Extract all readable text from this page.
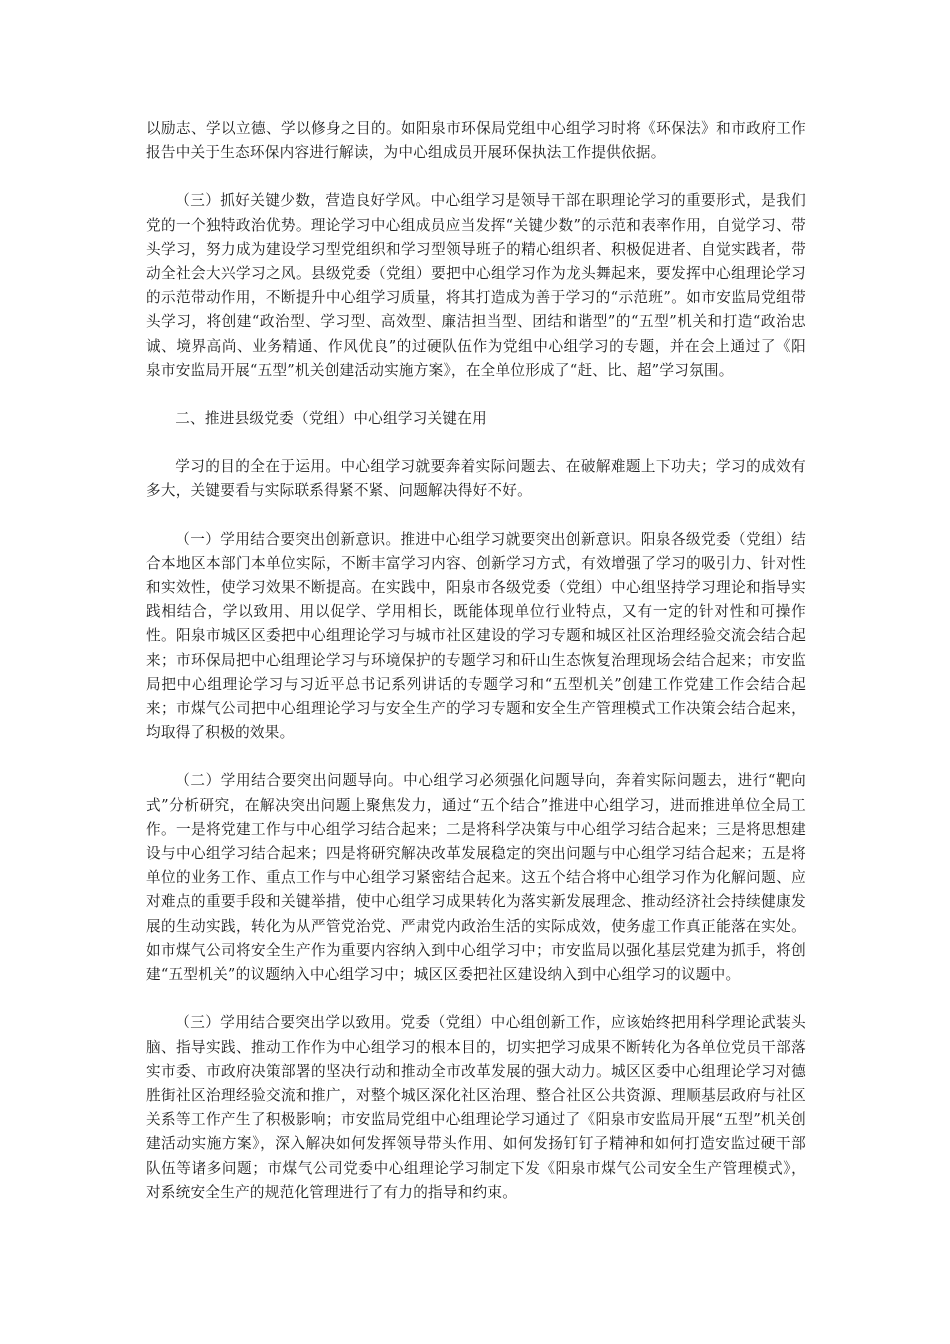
以励志、学以立德、学以修身之目的。如阳泉市环保局党组中心组学习时将《环保法》和市政府工作报告中关于生态环保内容进行解读，为中心组成员开展环保执法工作提供依据。

（三）抓好关键少数，营造良好学风。中心组学习是领导干部在职理论学习的重要形式，是我们党的一个独特政治优势。理论学习中心组成员应当发挥“关键少数”的示范和表率作用，自觉学习、带头学习，努力成为建设学习型党组织和学习型领导班子的精心组织者、积极促进者、自觉实践者，带动全社会大兴学习之风。县级党委（党组）要把中心组学习作为龙头舞起来，要发挥中心组理论学习的示范带动作用，不断提升中心组学习质量，将其打造成为善于学习的“示范班”。如市安监局党组带头学习，将创建“政治型、学习型、高效型、廉洁担当型、团结和谐型”的“五型”机关和打造“政治忠诚、境界高尚、业务精通、作风优良”的过硬队伍作为党组中心组学习的专题，并在会上通过了《阳泉市安监局开展“五型”机关创建活动实施方案》，在全单位形成了“赶、比、超”学习氛围。

二、推进县级党委（党组）中心组学习关键在用

学习的目的全在于运用。中心组学习就要奔着实际问题去、在破解难题上下功夫；学习的成效有多大，关键要看与实际联系得紧不紧、问题解决得好不好。

（一）学用结合要突出创新意识。推进中心组学习就要突出创新意识。阳泉各级党委（党组）结合本地区本部门本单位实际，不断丰富学习内容、创新学习方式，有效增强了学习的吸引力、针对性和实效性，使学习效果不断提高。在实践中，阳泉市各级党委（党组）中心组坚持学习理论和指导实践相结合，学以致用、用以促学、学用相长，既能体现单位行业特点，又有一定的针对性和可操作性。阳泉市城区区委把中心组理论学习与城市社区建设的学习专题和城区社区治理经验交流会结合起来；市环保局把中心组理论学习与环境保护的专题学习和矸山生态恢复治理现场会结合起来；市安监局把中心组理论学习与习近平总书记系列讲话的专题学习和“五型机关”创建工作党建工作会结合起来；市煤气公司把中心组理论学习与安全生产的学习专题和安全生产管理模式工作决策会结合起来，均取得了积极的效果。

（二）学用结合要突出问题导向。中心组学习必须强化问题导向，奔着实际问题去，进行“靶向式”分析研究，在解决突出问题上聚焦发力，通过“五个结合”推进中心组学习，进而推进单位全局工作。一是将党建工作与中心组学习结合起来；二是将科学决策与中心组学习结合起来；三是将思想建设与中心组学习结合起来；四是将研究解决改革发展稳定的突出问题与中心组学习结合起来；五是将单位的业务工作、重点工作与中心组学习紧密结合起来。这五个结合将中心组学习作为化解问题、应对难点的重要手段和关键举措，使中心组学习成果转化为落实新发展理念、推动经济社会持续健康发展的生动实践，转化为从严管党治党、严肃党内政治生活的实际成效，使务虚工作真正能落在实处。如市煤气公司将安全生产作为重要内容纳入到中心组学习中；市安监局以强化基层党建为抓手，将创建“五型机关”的议题纳入中心组学习中；城区区委把社区建设纳入到中心组学习的议题中。

（三）学用结合要突出学以致用。党委（党组）中心组创新工作，应该始终把用科学理论武装头脑、指导实践、推动工作作为中心组学习的根本目的，切实把学习成果不断转化为各单位党员干部落实市委、市政府决策部署的坚决行动和推动全市改革发展的强大动力。城区区委中心组理论学习对德胜街社区治理经验交流和推广，对整个城区深化社区治理、整合社区公共资源、理顺基层政府与社区关系等工作产生了积极影响；市安监局党组中心组理论学习通过了《阳泉市安监局开展“五型”机关创建活动实施方案》，深入解决如何发挥领导带头作用、如何发扬钉钉子精神和如何打造安监过硬干部队伍等诸多问题；市煤气公司党委中心组理论学习制定下发《阳泉市煤气公司安全生产管理模式》，对系统安全生产的规范化管理进行了有力的指导和约束。
